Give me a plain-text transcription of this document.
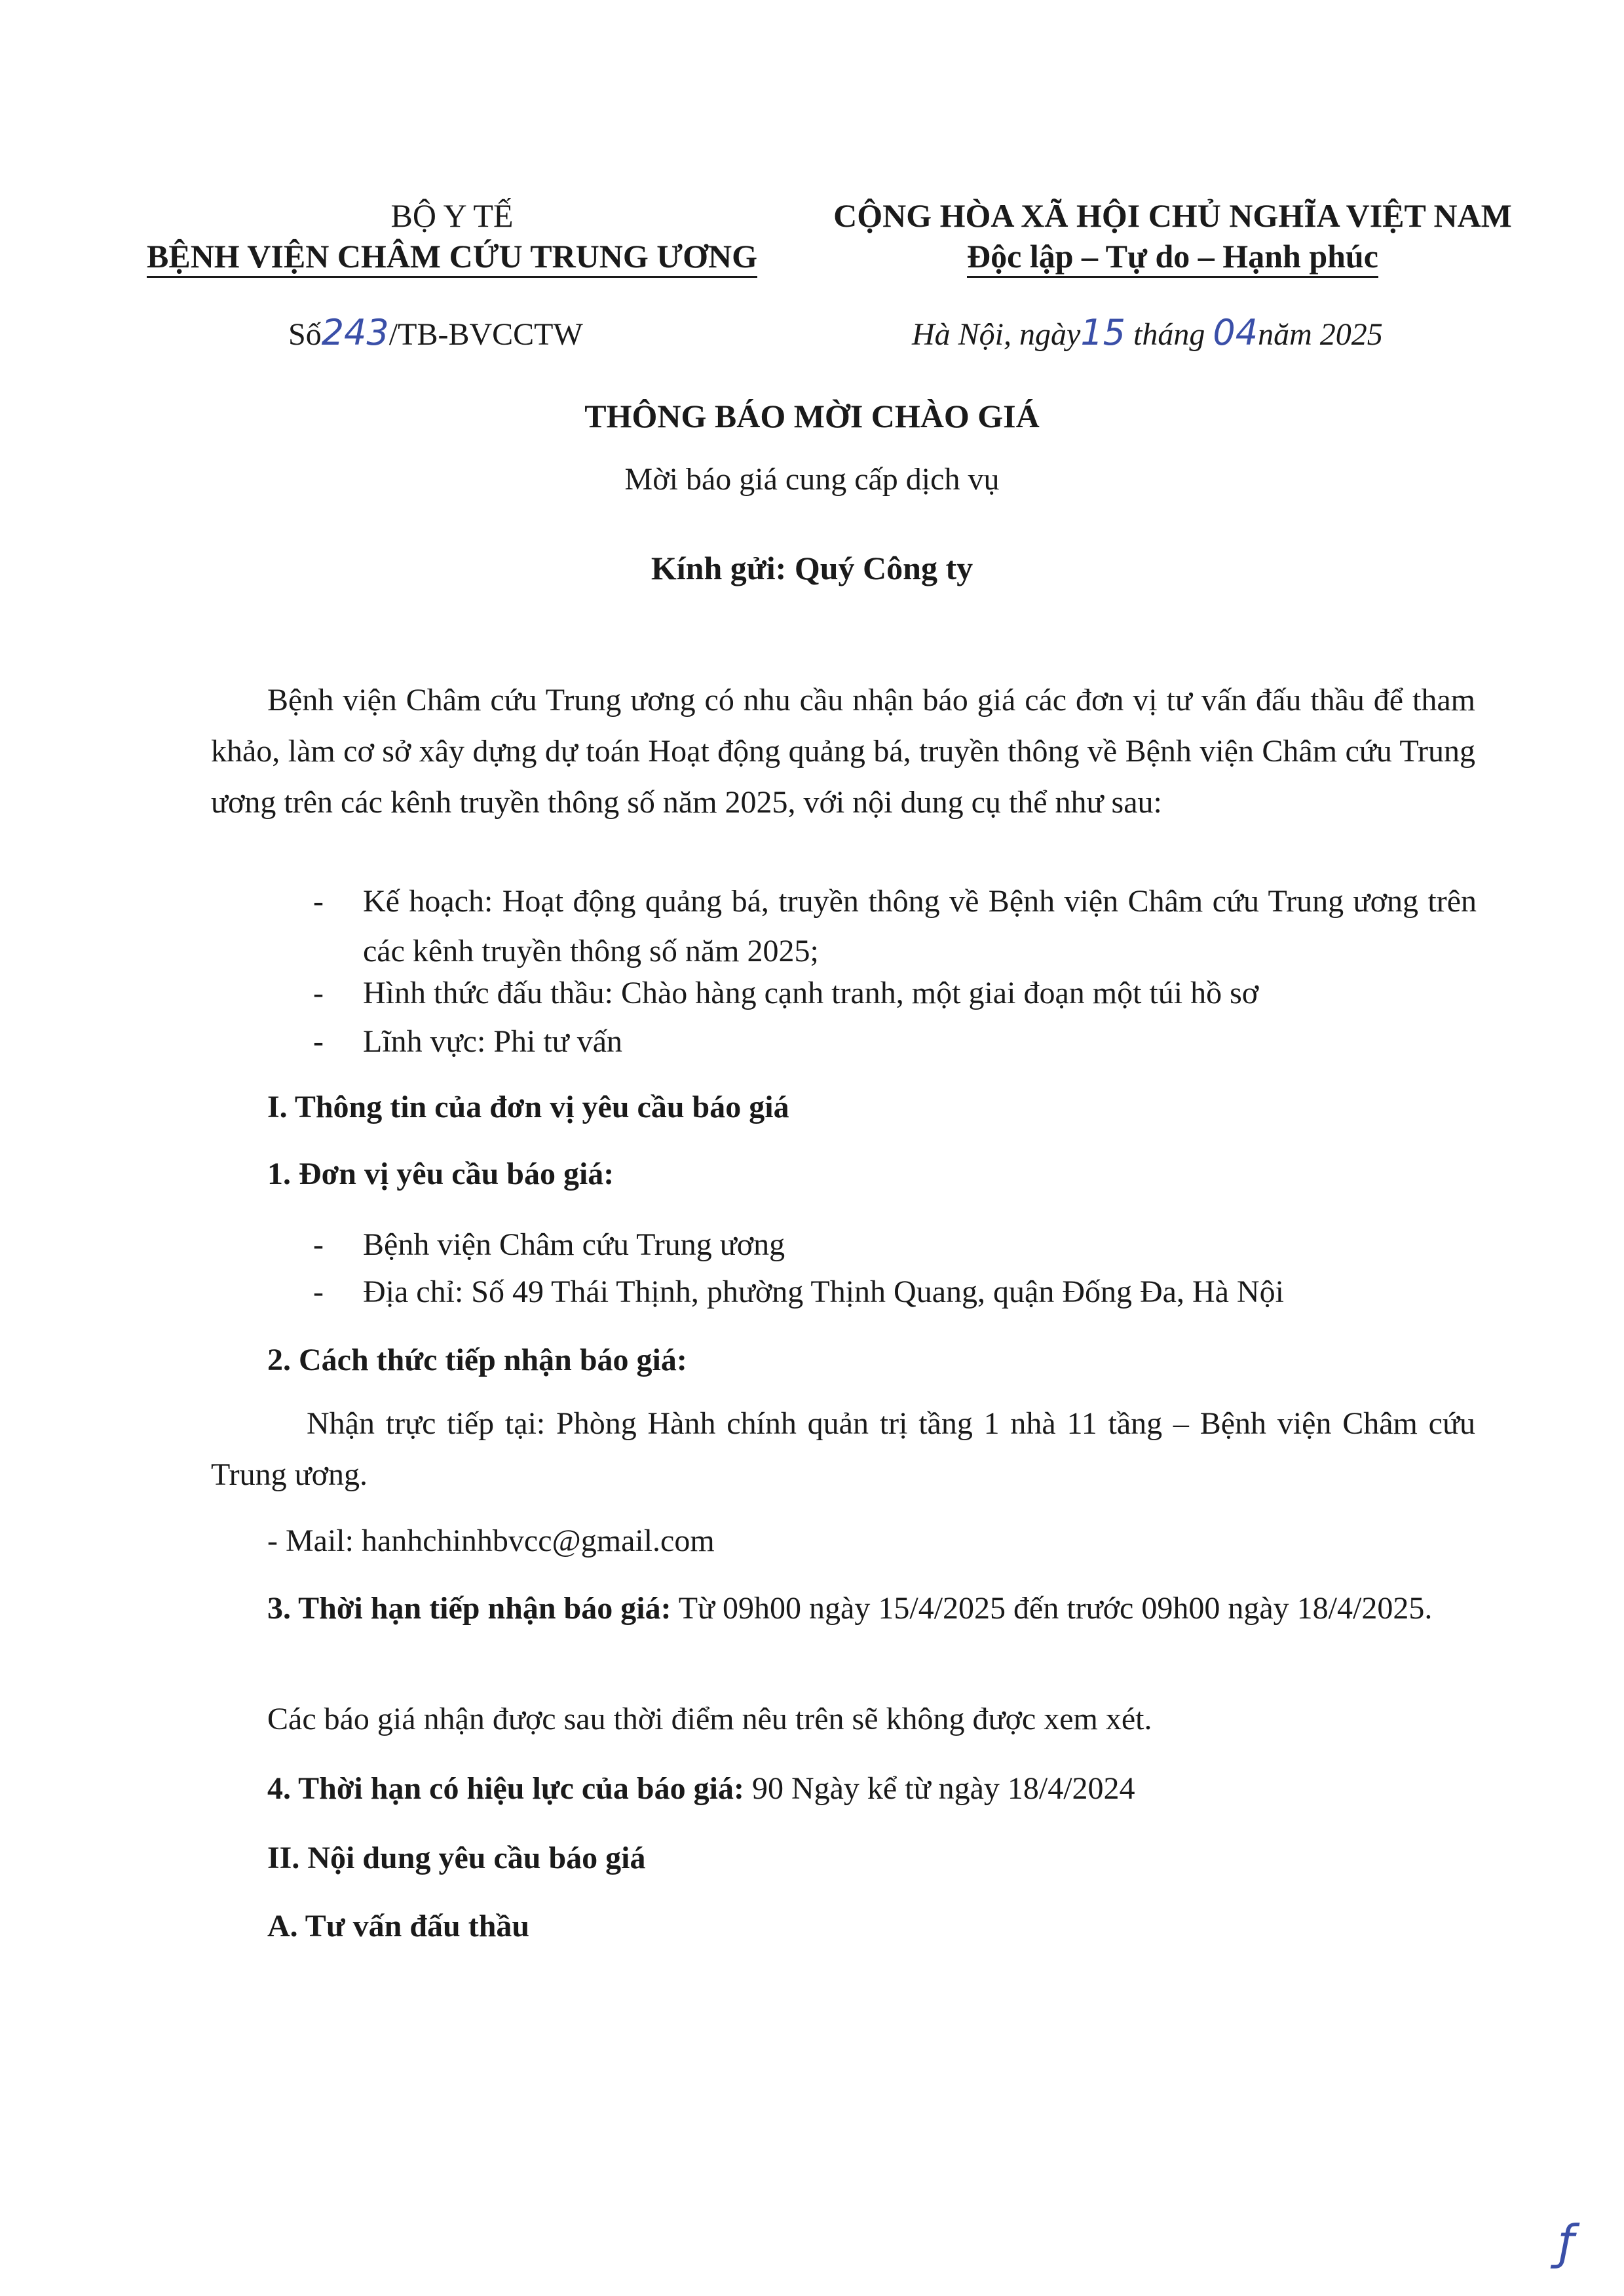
BỘ Y TẾ
BỆNH VIỆN CHÂM CỨU TRUNG ƯƠNG
CỘNG HÒA XÃ HỘI CHỦ NGHĨA VIỆT NAM
Độc lập – Tự do – Hạnh phúc
Số243/TB-BVCCTW	Hà Nội, ngày15 tháng 04năm 2025
THÔNG BÁO MỜI CHÀO GIÁ
Mời báo giá cung cấp dịch vụ
Kính gửi: Quý Công ty
Bệnh viện Châm cứu Trung ương có nhu cầu nhận báo giá các đơn vị tư vấn đấu thầu để tham khảo, làm cơ sở xây dựng dự toán Hoạt động quảng bá, truyền thông về Bệnh viện Châm cứu Trung ương trên các kênh truyền thông số năm 2025, với nội dung cụ thể như sau:
- Kế hoạch: Hoạt động quảng bá, truyền thông về Bệnh viện Châm cứu Trung ương trên các kênh truyền thông số năm 2025;
- Hình thức đấu thầu: Chào hàng cạnh tranh, một giai đoạn một túi hồ sơ
- Lĩnh vực: Phi tư vấn
I. Thông tin của đơn vị yêu cầu báo giá
1. Đơn vị yêu cầu báo giá:
- Bệnh viện Châm cứu Trung ương
- Địa chỉ: Số 49 Thái Thịnh, phường Thịnh Quang, quận Đống Đa, Hà Nội
2. Cách thức tiếp nhận báo giá:
Nhận trực tiếp tại: Phòng Hành chính quản trị tầng 1 nhà 11 tầng – Bệnh viện Châm cứu Trung ương.
- Mail: hanhchinhbvcc@gmail.com
3. Thời hạn tiếp nhận báo giá: Từ 09h00 ngày 15/4/2025 đến trước 09h00 ngày 18/4/2025.
Các báo giá nhận được sau thời điểm nêu trên sẽ không được xem xét.
4. Thời hạn có hiệu lực của báo giá: 90 Ngày kể từ ngày 18/4/2024
II. Nội dung yêu cầu báo giá
A. Tư vấn đấu thầu
ƒ
